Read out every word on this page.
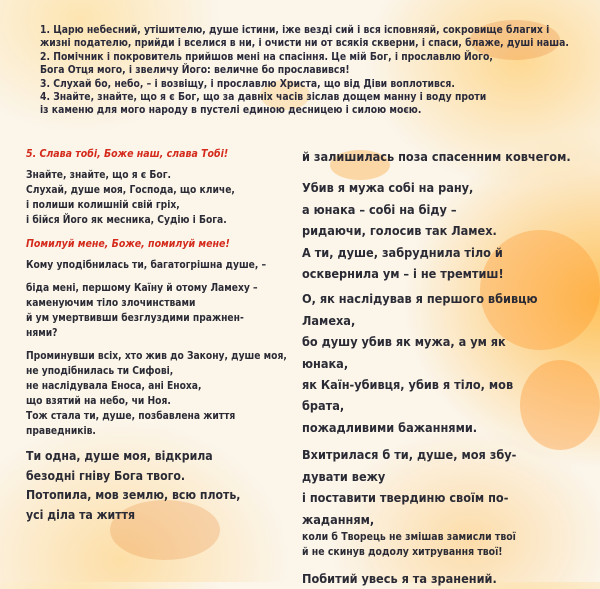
1. Царю небесний, утішителю, душе істини, іже везді сий і вся ісповняяй, сокровище благих і

жизні подателю, прийди і вселися в ни, і очисти ни от всякія скверни, і спаси, блаже, душі наша.

2. Помічник і покровитель прийшов мені на спасіння. Це мій Бог, і прославлю Його,

Бога Отця мого, і звеличу Його: величне бо прославився!

3. Слухай бо, небо, – і возвіщу, і прославлю Христа, що від Діви воплотився.

4. Знайте, знайте, що я є Бог, що за давніх часів зіслав дощем манну і воду проти

із каменю для мого народу в пустелі единою десницею і силою моєю.

5. Слава тобі, Боже наш, слава Тобі!

Знайте, знайте, що я є Бог.

Слухай, душе моя, Господа, що кличе,

і полиши колишній свій гріх,

і бійся Його як месника, Судію і Бога.

Помилуй мене, Боже, помилуй мене!

Кому уподібнилась ти, багатогрішна душе, –

біда мені, першому Каїну й отому Ламеху –

каменуючим тіло злочинствами

й ум умертвивши безглуздими пражнен-

нями?

Проминувши всіх, хто жив до Закону, душе моя,

не уподібнилась ти Сифові,

не наслідувала Еноса, ані Еноха,

що взятий на небо, чи Ноя.

Тож стала ти, душе, позбавлена життя

праведників.

Ти одна, душе моя, відкрила

безодні гніву Бога твого.

Потопила, мов землю, всю плоть,

усі діла та життя

й залишилась поза спасенним ковчегом.

Убив я мужа собі на рану,

а юнака – собі на біду –

ридаючи, голосив так Ламех.

А ти, душе, забруднила тіло й

осквернила ум – і не тремтиш!

О, як наслідував я першого вбивцю

Ламеха,

бо душу убив як мужа, а ум як

юнака,

як Каїн-убивця, убив я тіло, мов

брата,

пожадливими бажаннями.

Вхитрилася б ти, душе, моя збу-

дувати вежу

і поставити твердиню своїм по-

жаданням,

коли б Творець не змішав замисли твої

й не скинув додолу хитрування твої!

Побитий увесь я та зранений.
